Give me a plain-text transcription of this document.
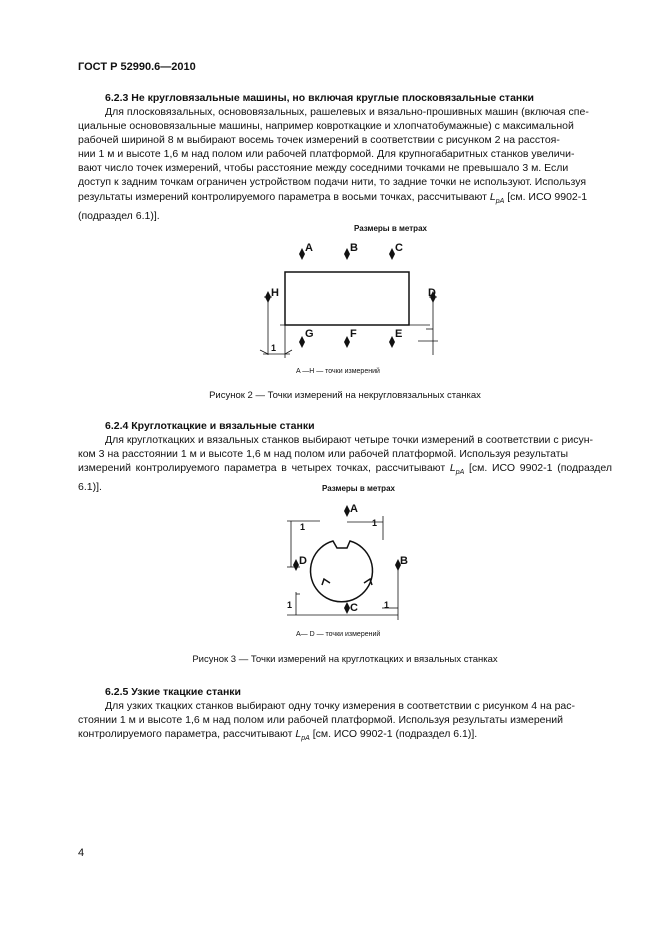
ГОСТ Р 52990.6—2010
6.2.3 Не кругловязальные машины, но включая круглые плосковязальные станки
Для плосковязальных, основовязальных, рашелевых и вязально-прошивных машин (включая спе-
циальные основовязальные машины, например ковроткацкие и хлопчатобумажные) с максимальной
рабочей шириной 8 м выбирают восемь точек измерений в соответствии с рисунком 2 на расстоя-
нии 1 м и высоте 1,6 м над полом или рабочей платформой. Для крупногабаритных станков увеличи-
вают число точек измерений, чтобы расстояние между соседними точками не превышало 3 м. Если
доступ к задним точкам ограничен устройством подачи нити, то задние точки не используют. Используя
результаты измерений контролируемого параметра в восьми точках, рассчитывают $L_{pA}$ [см. ИСО 9902-1
(подраздел 6.1)].
Размеры в метрах
A	B	C
D
E
F
G
H
1
A —H — точки измерений
Рисунок 2 — Точки измерений на некругловязальных станках
6.2.4 Круглоткацкие и вязальные станки
Для круглоткацких и вязальных станков выбирают четыре точки измерений в соответствии с рисун-
ком 3 на расстоянии 1 м и высоте 1,6 м над полом или рабочей платформой. Используя результаты
измерений контролируемого параметра в четырех точках, рассчитывают $L_{pA}$ [см. ИСО 9902-1 (подраздел 6.1)].	Размеры в метрах
A
B
C
D
1	1
1	1
A— D — точки измерений
Рисунок 3 — Точки измерений на круглоткацких и вязальных станках
6.2.5 Узкие ткацкие станки
Для узких ткацких станков выбирают одну точку измерения в соответствии с рисунком 4 на рас-
стоянии 1 м и высоте 1,6 м над полом или рабочей платформой. Используя результаты измерений
контролируемого параметра, рассчитывают $L_{pA}$ [см. ИСО 9902-1 (подраздел 6.1)].
4
